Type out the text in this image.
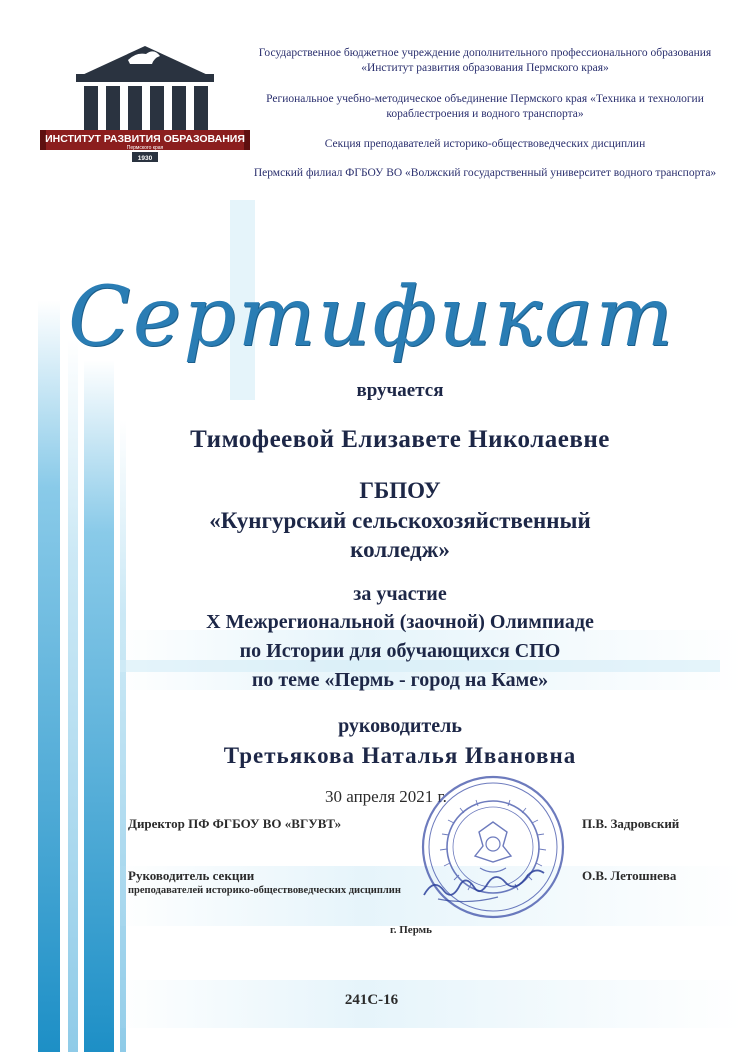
ИНСТИТУТ РАЗВИТИЯ ОБРАЗОВАНИЯ
Пермского края
1930
Государственное бюджетное учреждение дополнительного профессионального образования «Институт развития образования Пермского края»
Региональное учебно-методическое объединение Пермского края «Техника и технологии кораблестроения и водного транспорта»
Секция преподавателей историко-обществоведческих дисциплин
Пермский филиал ФГБОУ ВО «Волжский государственный университет водного транспорта»
Сертификат
вручается
Тимофеевой Елизавете Николаевне
ГБПОУ
«Кунгурский сельскохозяйственный
колледж»
за участие
X Межрегиональной (заочной) Олимпиаде
по Истории для обучающихся СПО
по теме «Пермь - город на Каме»
руководитель
Третьякова Наталья Ивановна
30 апреля 2021 г.
Директор ПФ ФГБОУ ВО «ВГУВТ»	П.В. Задровский
Руководитель секции
преподавателей историко-обществоведческих дисциплин
О.В. Летошнева
г. Пермь
241С-16
